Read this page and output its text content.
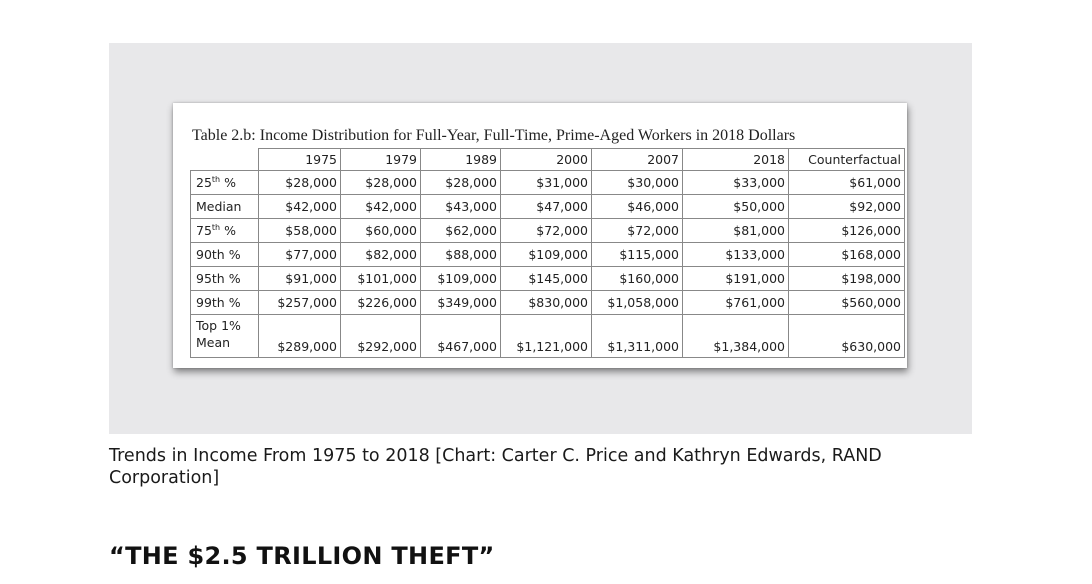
Table 2.b: Income Distribution for Full-Year, Full-Time, Prime-Aged Workers in 2018 Dollars
	1975	1979	1989	2000	2007	2018	Counterfactual
25th %	$28,000	$28,000	$28,000	$31,000	$30,000	$33,000	$61,000
Median	$42,000	$42,000	$43,000	$47,000	$46,000	$50,000	$92,000
75th %	$58,000	$60,000	$62,000	$72,000	$72,000	$81,000	$126,000
90th %	$77,000	$82,000	$88,000	$109,000	$115,000	$133,000	$168,000
95th %	$91,000	$101,000	$109,000	$145,000	$160,000	$191,000	$198,000
99th %	$257,000	$226,000	$349,000	$830,000	$1,058,000	$761,000	$560,000
Top 1%
Mean	$289,000	$292,000	$467,000	$1,121,000	$1,311,000	$1,384,000	$630,000
Trends in Income From 1975 to 2018 [Chart: Carter C. Price and Kathryn Edwards, RAND Corporation]
“THE $2.5 TRILLION THEFT”
